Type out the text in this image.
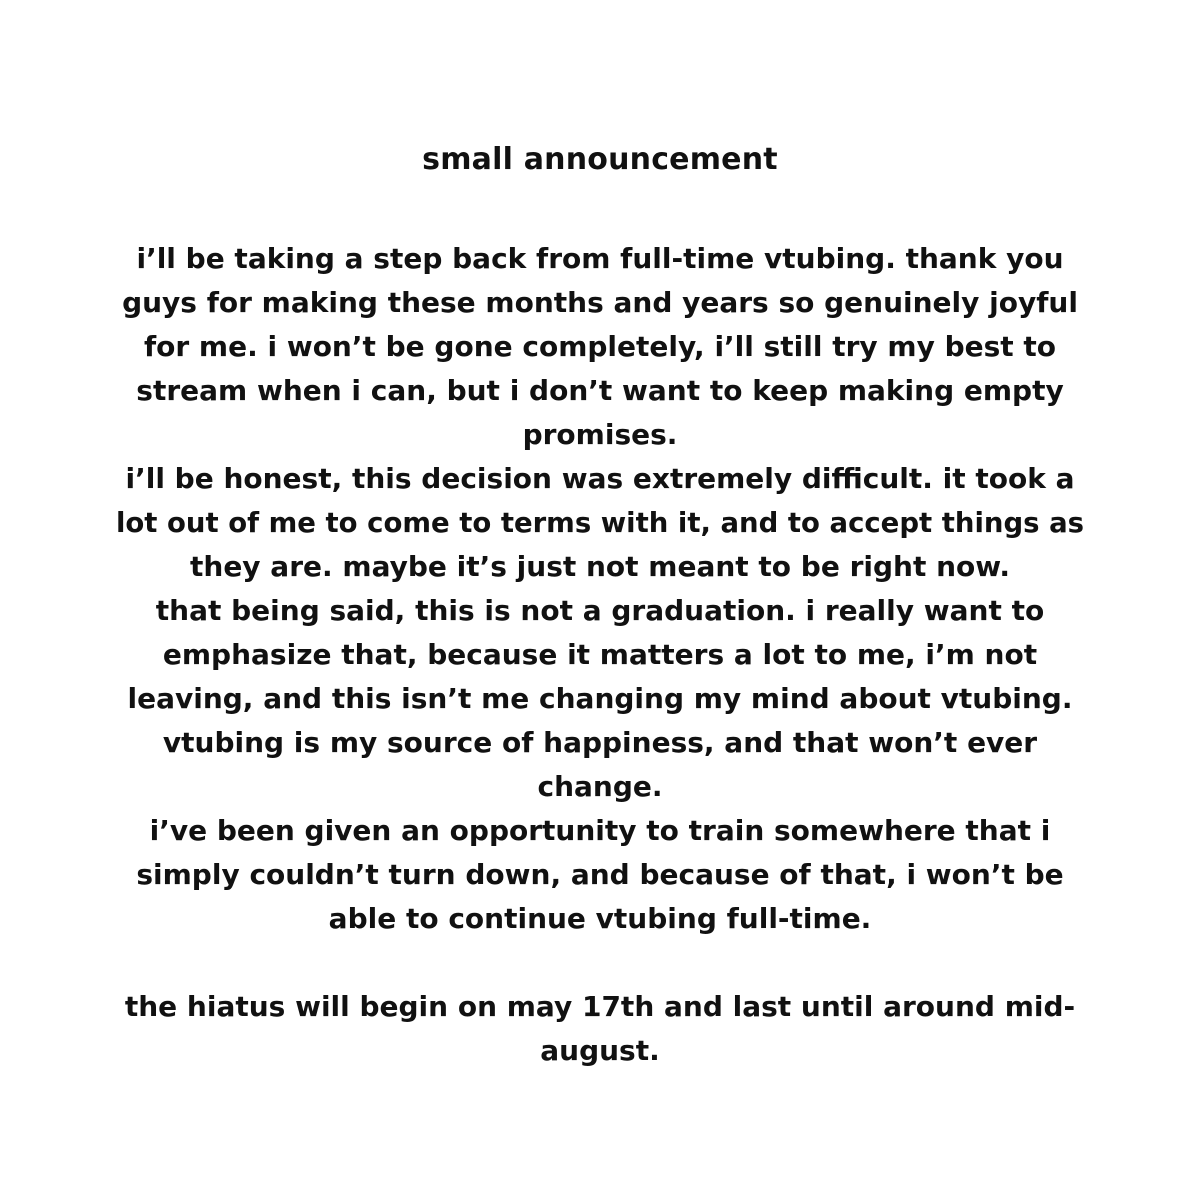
small announcement
i’ll be taking a step back from full-time vtubing. thank you
guys for making these months and years so genuinely joyful
for me. i won’t be gone completely, i’ll still try my best to
stream when i can, but i don’t want to keep making empty
promises.
i’ll be honest, this decision was extremely difficult. it took a
lot out of me to come to terms with it, and to accept things as
they are. maybe it’s just not meant to be right now.
that being said, this is not a graduation. i really want to
emphasize that, because it matters a lot to me, i’m not
leaving, and this isn’t me changing my mind about vtubing.
vtubing is my source of happiness, and that won’t ever
change.
i’ve been given an opportunity to train somewhere that i
simply couldn’t turn down, and because of that, i won’t be
able to continue vtubing full-time.
the hiatus will begin on may 17th and last until around mid-
august.
